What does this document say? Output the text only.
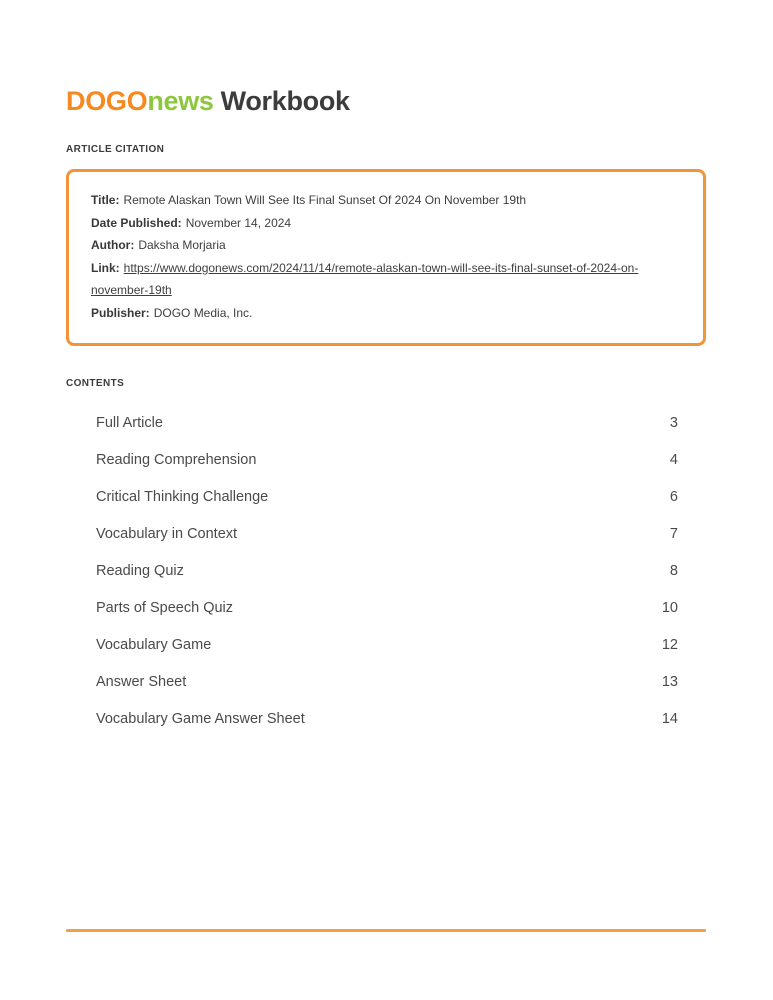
DOGOnews Workbook
ARTICLE CITATION

Title: Remote Alaskan Town Will See Its Final Sunset Of 2024 On November 19th

Date Published: November 14, 2024

Author: Daksha Morjaria

Link: https://www.dogonews.com/2024/11/14/remote-alaskan-town-will-see-its-final-sunset-of-2024-on-november-19th

Publisher: DOGO Media, Inc.

CONTENTS
Full Article	3
Reading Comprehension	4
Critical Thinking Challenge	6
Vocabulary in Context	7
Reading Quiz	8
Parts of Speech Quiz	10
Vocabulary Game	12
Answer Sheet	13
Vocabulary Game Answer Sheet	14
